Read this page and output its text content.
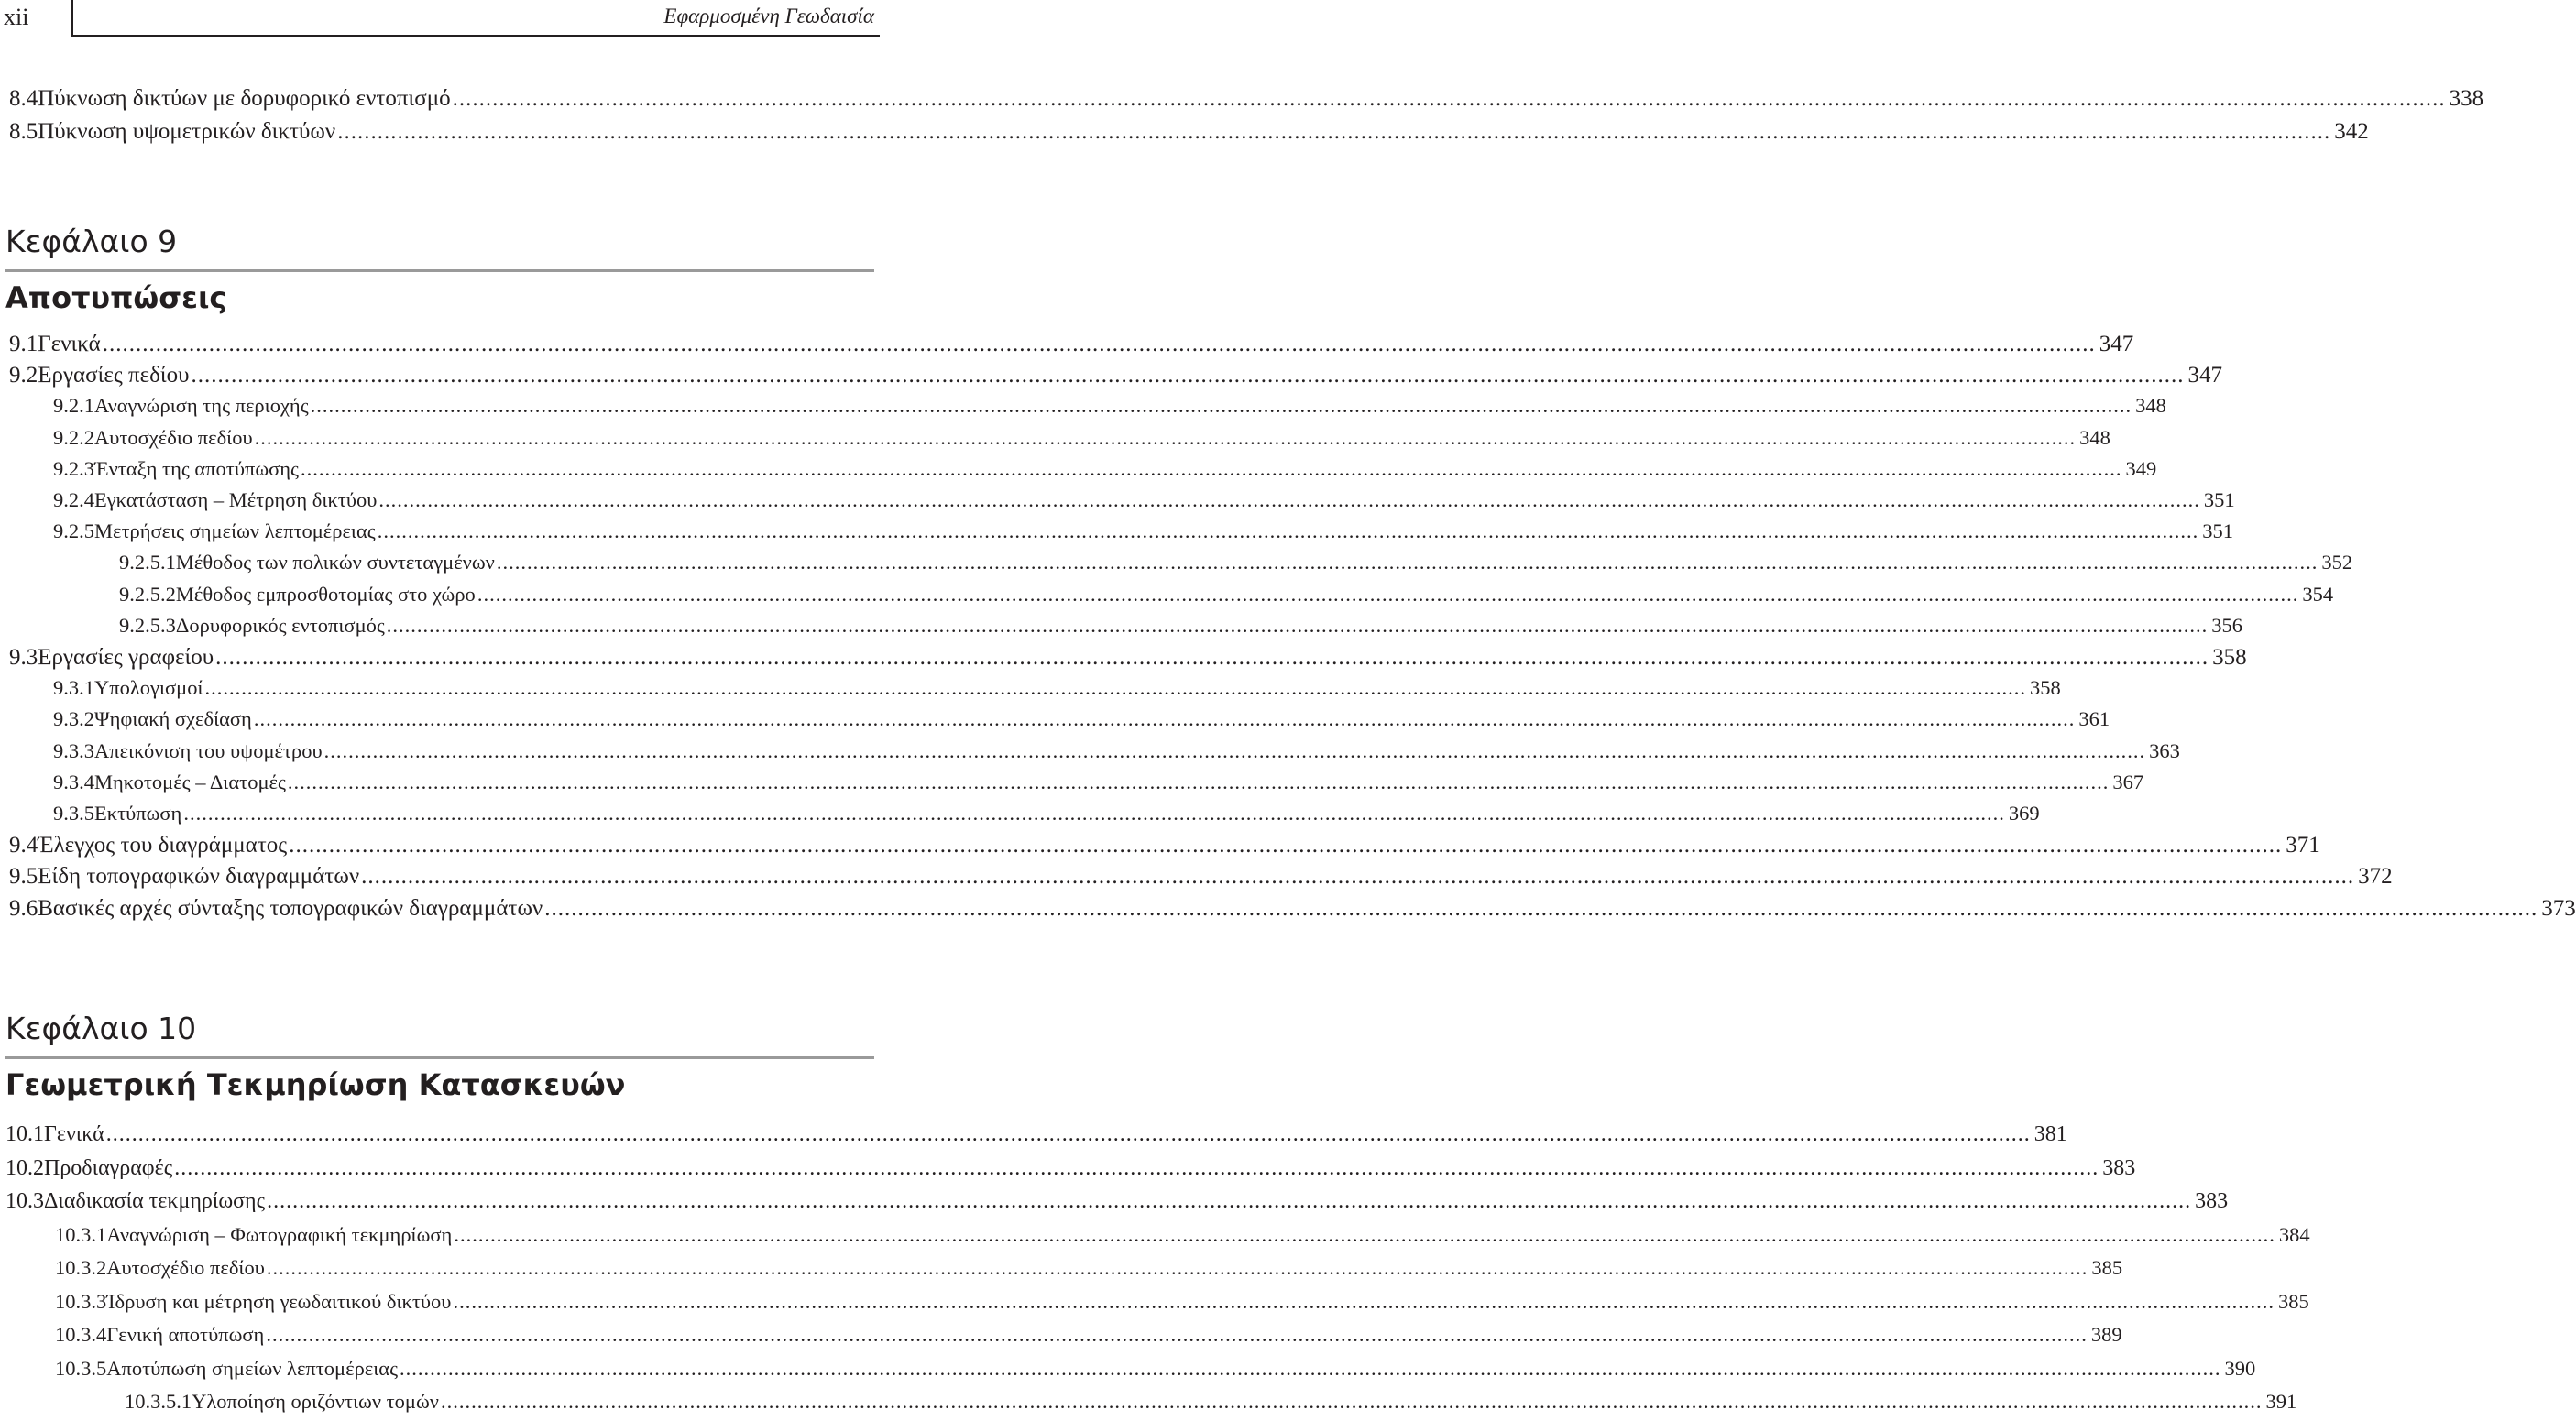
xii	Εφαρμοσμένη Γεωδαισία
8.4 Πύκνωση δικτύων με δορυφορικό εντοπισμό ............................................................................................................................................................................................................................................................................................................ 338
8.5 Πύκνωση υψομετρικών δικτύων ............................................................................................................................................................................................................................................................................................................ 342
Κεφάλαιο 9
Αποτυπώσεις
9.1 Γενικά ............................................................................................................................................................................................................................................................................................................ 347
9.2 Εργασίες πεδίου ............................................................................................................................................................................................................................................................................................................ 347
9.2.1 Αναγνώριση της περιοχής ............................................................................................................................................................................................................................................................................................................ 348
9.2.2 Αυτοσχέδιο πεδίου ............................................................................................................................................................................................................................................................................................................ 348
9.2.3 Ένταξη της αποτύπωσης ............................................................................................................................................................................................................................................................................................................ 349
9.2.4 Εγκατάσταση – Μέτρηση δικτύου ............................................................................................................................................................................................................................................................................................................ 351
9.2.5 Μετρήσεις σημείων λεπτομέρειας ............................................................................................................................................................................................................................................................................................................ 351
9.2.5.1 Μέθοδος των πολικών συντεταγμένων ............................................................................................................................................................................................................................................................................................................ 352
9.2.5.2 Μέθοδος εμπροσθοτομίας στο χώρο ............................................................................................................................................................................................................................................................................................................ 354
9.2.5.3 Δορυφορικός εντοπισμός ............................................................................................................................................................................................................................................................................................................ 356
9.3 Εργασίες γραφείου ............................................................................................................................................................................................................................................................................................................ 358
9.3.1 Υπολογισμοί ............................................................................................................................................................................................................................................................................................................ 358
9.3.2 Ψηφιακή σχεδίαση ............................................................................................................................................................................................................................................................................................................ 361
9.3.3 Απεικόνιση του υψομέτρου ............................................................................................................................................................................................................................................................................................................ 363
9.3.4 Μηκοτομές – Διατομές ............................................................................................................................................................................................................................................................................................................ 367
9.3.5 Εκτύπωση ............................................................................................................................................................................................................................................................................................................ 369
9.4 Έλεγχος του διαγράμματος ............................................................................................................................................................................................................................................................................................................ 371
9.5 Είδη τοπογραφικών διαγραμμάτων ............................................................................................................................................................................................................................................................................................................ 372
9.6 Βασικές αρχές σύνταξης τοπογραφικών διαγραμμάτων ............................................................................................................................................................................................................................................................................................................ 373
Κεφάλαιο 10
Γεωμετρική Τεκμηρίωση Κατασκευών
10.1 Γενικά ............................................................................................................................................................................................................................................................................................................ 381
10.2 Προδιαγραφές ............................................................................................................................................................................................................................................................................................................ 383
10.3 Διαδικασία τεκμηρίωσης ............................................................................................................................................................................................................................................................................................................ 383
10.3.1 Αναγνώριση – Φωτογραφική τεκμηρίωση ............................................................................................................................................................................................................................................................................................................ 384
10.3.2 Αυτοσχέδιο πεδίου ............................................................................................................................................................................................................................................................................................................ 385
10.3.3 Ίδρυση και μέτρηση γεωδαιτικού δικτύου ............................................................................................................................................................................................................................................................................................................ 385
10.3.4 Γενική αποτύπωση ............................................................................................................................................................................................................................................................................................................ 389
10.3.5 Αποτύπωση σημείων λεπτομέρειας ............................................................................................................................................................................................................................................................................................................ 390
10.3.5.1 Υλοποίηση οριζόντιων τομών ............................................................................................................................................................................................................................................................................................................ 391
